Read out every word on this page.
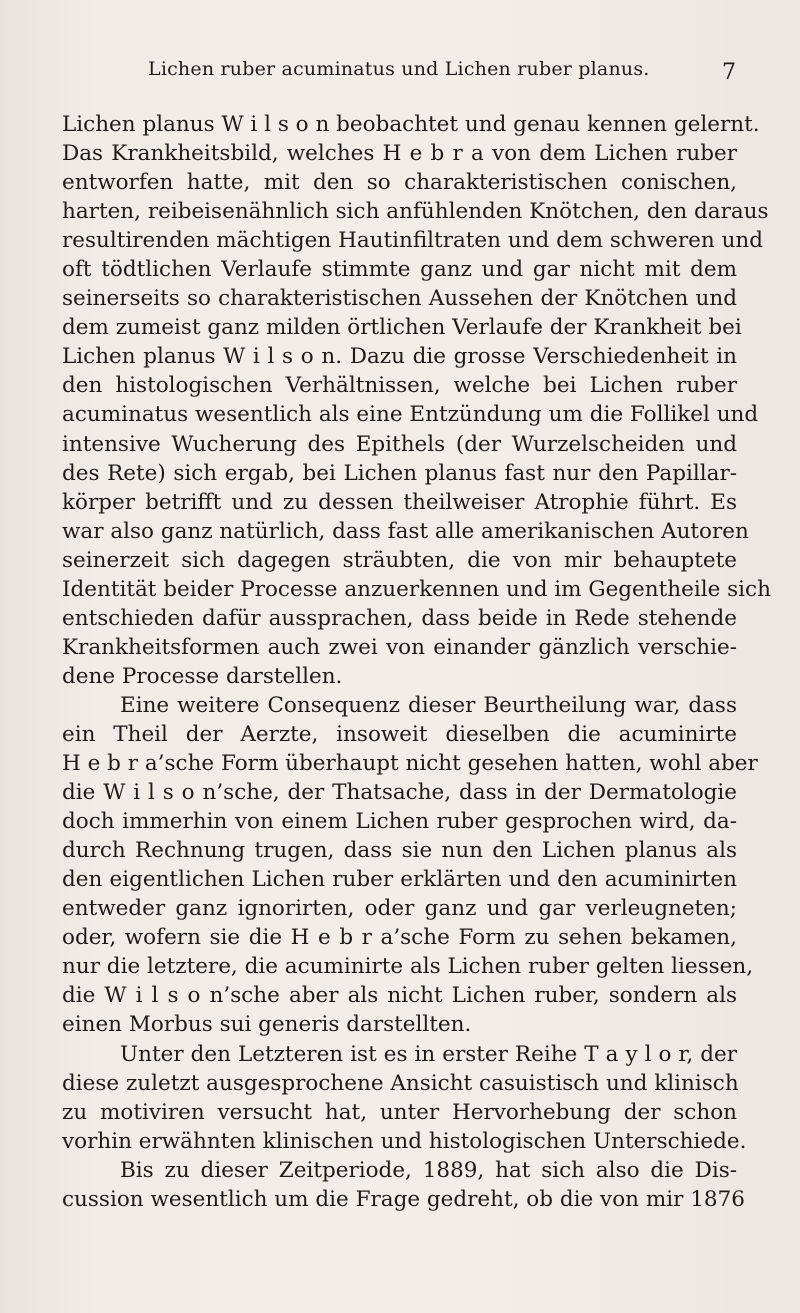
Lichen ruber acuminatus und Lichen ruber planus.	7
Lichen planus W i l s o n beobachtet und genau kennen gelernt.
Das Krankheitsbild, welches H e b r a von dem Lichen ruber
entworfen hatte, mit den so charakteristischen conischen,
harten, reibeisenähnlich sich anfühlenden Knötchen, den daraus
resultirenden mächtigen Hautinfiltraten und dem schweren und
oft tödtlichen Verlaufe stimmte ganz und gar nicht mit dem
seinerseits so charakteristischen Aussehen der Knötchen und
dem zumeist ganz milden örtlichen Verlaufe der Krankheit bei
Lichen planus W i l s o n. Dazu die grosse Verschiedenheit in
den histologischen Verhältnissen, welche bei Lichen ruber
acuminatus wesentlich als eine Entzündung um die Follikel und
intensive Wucherung des Epithels (der Wurzelscheiden und
des Rete) sich ergab, bei Lichen planus fast nur den Papillar-
körper betrifft und zu dessen theilweiser Atrophie führt. Es
war also ganz natürlich, dass fast alle amerikanischen Autoren
seinerzeit sich dagegen sträubten, die von mir behauptete
Identität beider Processe anzuerkennen und im Gegentheile sich
entschieden dafür aussprachen, dass beide in Rede stehende
Krankheitsformen auch zwei von einander gänzlich verschie-
dene Processe darstellen.
Eine weitere Consequenz dieser Beurtheilung war, dass
ein Theil der Aerzte, insoweit dieselben die acuminirte
H e b r a’sche Form überhaupt nicht gesehen hatten, wohl aber
die W i l s o n’sche, der Thatsache, dass in der Dermatologie
doch immerhin von einem Lichen ruber gesprochen wird, da-
durch Rechnung trugen, dass sie nun den Lichen planus als
den eigentlichen Lichen ruber erklärten und den acuminirten
entweder ganz ignorirten, oder ganz und gar verleugneten;
oder, wofern sie die H e b r a’sche Form zu sehen bekamen,
nur die letztere, die acuminirte als Lichen ruber gelten liessen,
die W i l s o n’sche aber als nicht Lichen ruber, sondern als
einen Morbus sui generis darstellten.
Unter den Letzteren ist es in erster Reihe T a y l o r, der
diese zuletzt ausgesprochene Ansicht casuistisch und klinisch
zu motiviren versucht hat, unter Hervorhebung der schon
vorhin erwähnten klinischen und histologischen Unterschiede.
Bis zu dieser Zeitperiode, 1889, hat sich also die Dis-
cussion wesentlich um die Frage gedreht, ob die von mir 1876
